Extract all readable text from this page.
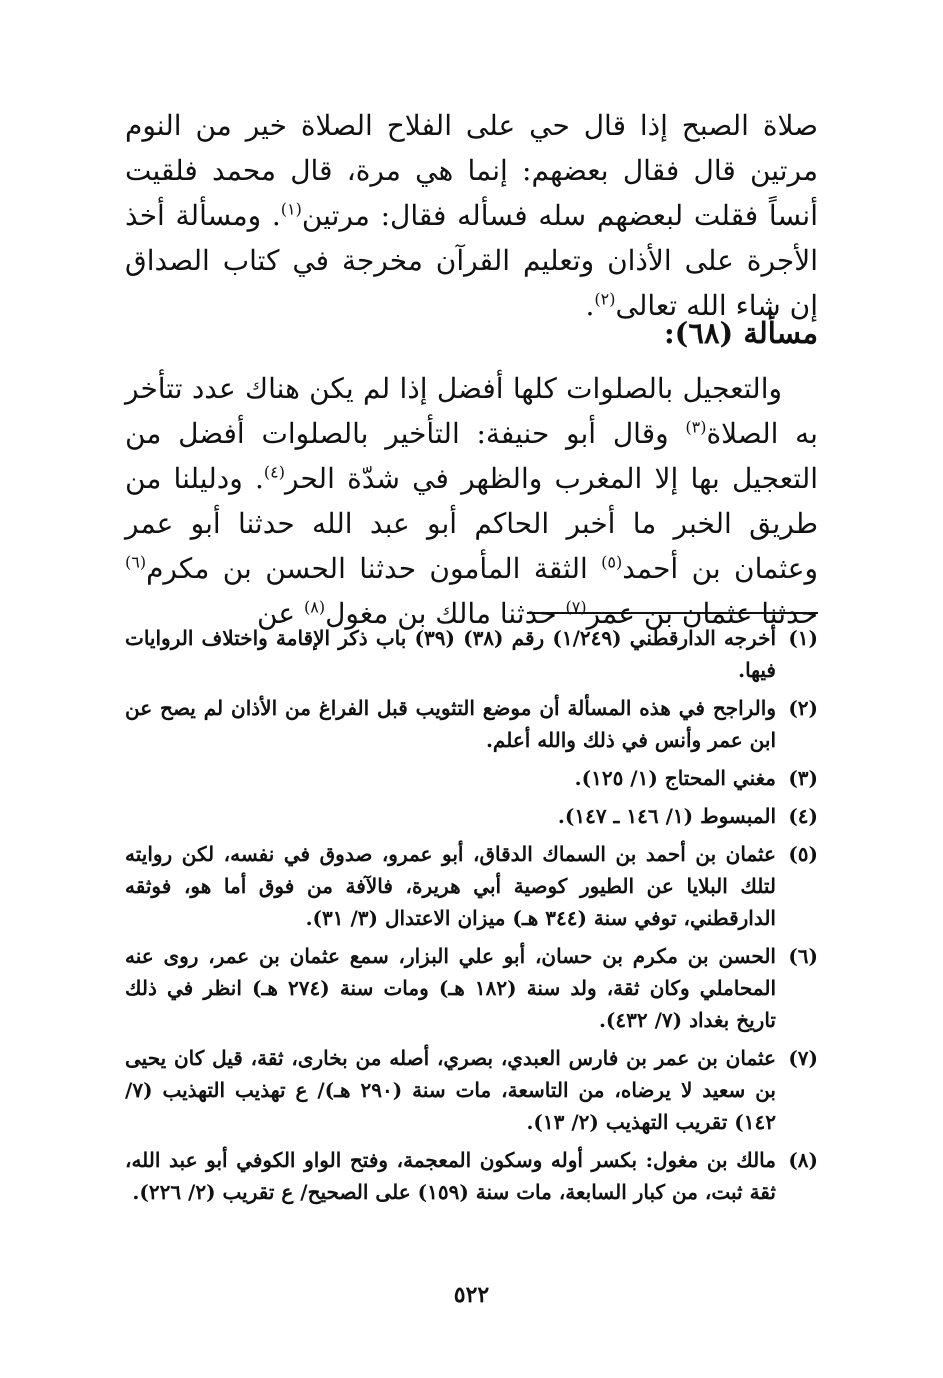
صلاة الصبح إذا قال حي على الفلاح الصلاة خير من النوم مرتين قال فقال بعضهم: إنما هي مرة، قال محمد فلقيت أنساً فقلت لبعضهم سله فسأله فقال: مرتين$^{(١)}$. ومسألة أخذ الأجرة على الأذان وتعليم القرآن مخرجة في كتاب الصداق إن شاء الله تعالى$^{(٢)}$.

مسألة (٦٨):

والتعجيل بالصلوات كلها أفضل إذا لم يكن هناك عدد تتأخر به الصلاة$^{(٣)}$ وقال أبو حنيفة: التأخير بالصلوات أفضل من التعجيل بها إلا المغرب والظهر في شدّة الحر$^{(٤)}$. ودليلنا من طريق الخبر ما أخبر الحاكم أبو عبد الله حدثنا أبو عمر وعثمان بن أحمد$^{(٥)}$ الثقة المأمون حدثنا الحسن بن مكرم$^{(٦)}$ حدثنا عثمان بن عمر$^{(٧)}$ حدثنا مالك بن مغول$^{(٨)}$ عن

(١)
أخرجه الدارقطني (١/٢٤٩) رقم (٣٨) (٣٩) باب ذكر الإقامة واختلاف الروايات فيها.
(٢)
والراجح في هذه المسألة أن موضع التثويب قبل الفراغ من الأذان لم يصح عن ابن عمر وأنس في ذلك والله أعلم.
(٣)
مغني المحتاج (١/ ١٢٥).
(٤)
المبسوط (١/ ١٤٦ ـ ١٤٧).
(٥)
عثمان بن أحمد بن السماك الدقاق، أبو عمرو، صدوق في نفسه، لكن روايته لتلك البلايا عن الطيور كوصية أبي هريرة، فالآفة من فوق أما هو، فوثقه الدارقطني، توفي سنة (٣٤٤ هـ) ميزان الاعتدال (٣/ ٣١).
(٦)
الحسن بن مكرم بن حسان، أبو علي البزار، سمع عثمان بن عمر، روى عنه المحاملي وكان ثقة، ولد سنة (١٨٢ هـ) ومات سنة (٢٧٤ هـ) انظر في ذلك تاريخ بغداد (٧/ ٤٣٢).
(٧)
عثمان بن عمر بن فارس العبدي، بصري، أصله من بخارى، ثقة، قيل كان يحيى بن سعيد لا يرضاه، من التاسعة، مات سنة (٢٩٠ هـ)/ ع تهذيب التهذيب (٧/ ١٤٢) تقريب التهذيب (٢/ ١٣).
(٨)
مالك بن مغول: بكسر أوله وسكون المعجمة، وفتح الواو الكوفي أبو عبد الله، ثقة ثبت، من كبار السابعة، مات سنة (١٥٩) على الصحيح/ ع تقريب (٢/ ٢٢٦).
٥٢٢
